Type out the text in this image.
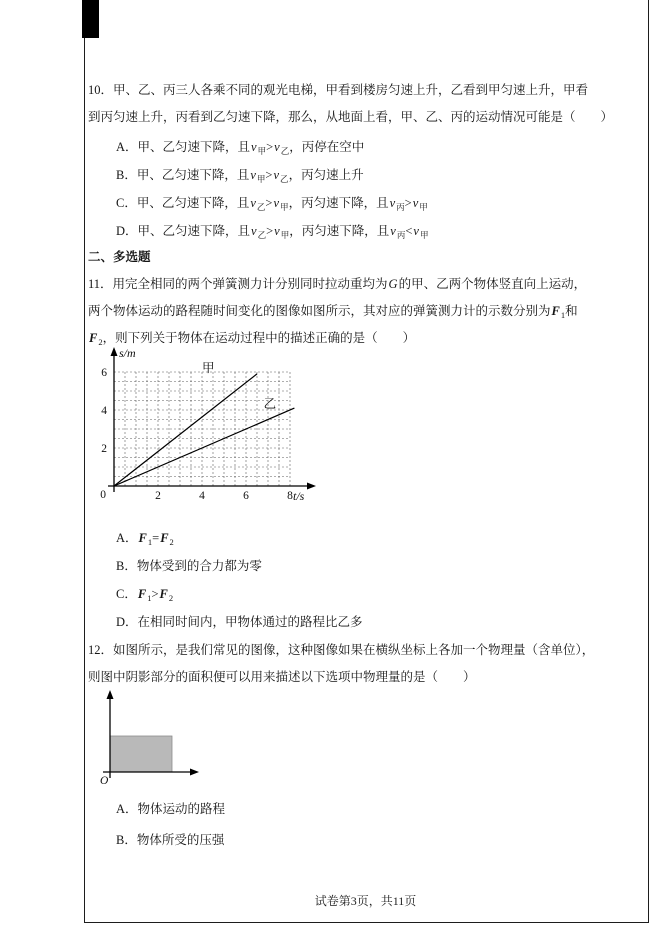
10．甲、乙、丙三人各乘不同的观光电梯，甲看到楼房匀速上升，乙看到甲匀速上升，甲看
到丙匀速上升，丙看到乙匀速下降，那么，从地面上看，甲、乙、丙的运动情况可能是（　　）
A．甲、乙匀速下降，且$v_甲>v_乙$，丙停在空中
B．甲、乙匀速下降，且$v_甲>v_乙$，丙匀速上升
C．甲、乙匀速下降，且$v_乙>v_甲$，丙匀速下降，且$v_丙>v_甲$
D．甲、乙匀速下降，且$v_乙>v_甲$，丙匀速下降，且$v_丙<v_甲$
二、多选题
11．用完全相同的两个弹簧测力计分别同时拉动重均为G的甲、乙两个物体竖直向上运动，
两个物体运动的路程随时间变化的图像如图所示，其对应的弹簧测力计的示数分别为$F_1$和
$F_2$，则下列关于物体在运动过程中的描述正确的是（　　）
0	2	4	6	8
2
4
6
s/m
t/s
甲
乙
A．$F_1=F_2$
B．物体受到的合力都为零
C．$F_1>F_2$
D．在相同时间内，甲物体通过的路程比乙多
12．如图所示，是我们常见的图像，这种图像如果在横纵坐标上各加一个物理量（含单位），
则图中阴影部分的面积便可以用来描述以下选项中物理量的是（　　）
O
A．物体运动的路程
B．物体所受的压强
试卷第3页，共11页
